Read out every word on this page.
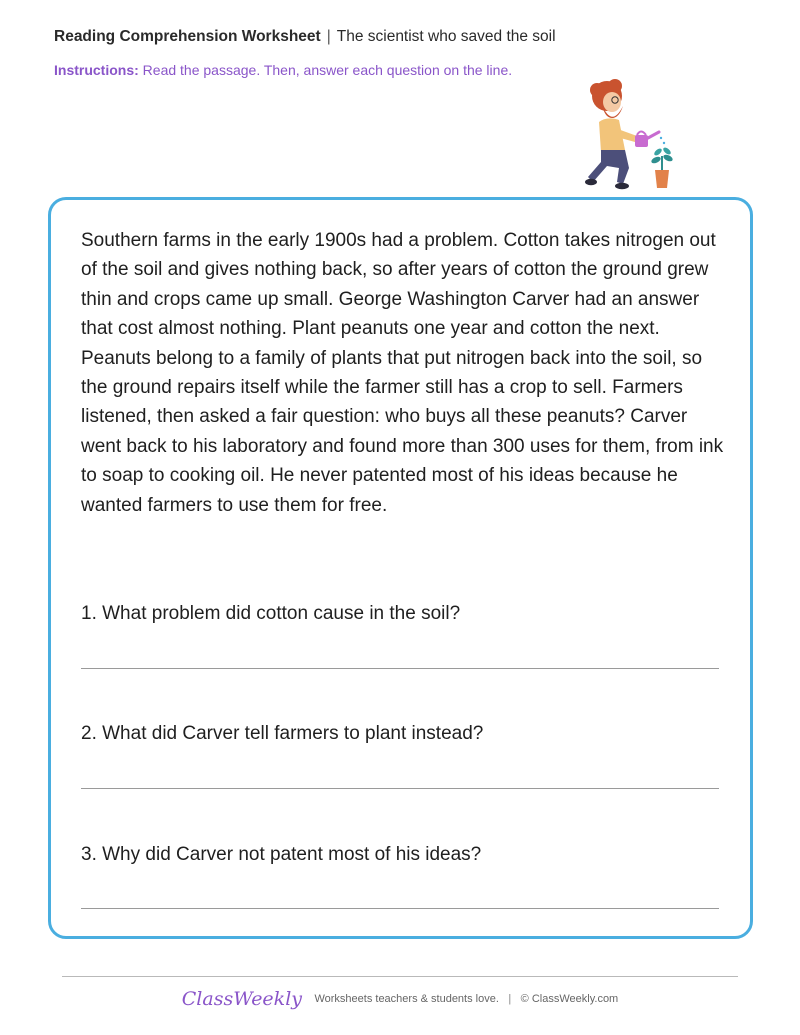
Reading Comprehension Worksheet | The scientist who saved the soil
Instructions: Read the passage. Then, answer each question on the line.

Southern farms in the early 1900s had a problem. Cotton takes nitrogen out of the soil and gives nothing back, so after years of cotton the ground grew thin and crops came up small. George Washington Carver had an answer that cost almost nothing. Plant peanuts one year and cotton the next. Peanuts belong to a family of plants that put nitrogen back into the soil, so the ground repairs itself while the farmer still has a crop to sell. Farmers listened, then asked a fair question: who buys all these peanuts? Carver went back to his laboratory and found more than 300 uses for them, from ink to soap to cooking oil. He never patented most of his ideas because he wanted farmers to use them for free.

1. What problem did cotton cause in the soil?
2. What did Carver tell farmers to plant instead?
3. Why did Carver not patent most of his ideas?
ClassWeekly Worksheets teachers & students love. | © ClassWeekly.com
